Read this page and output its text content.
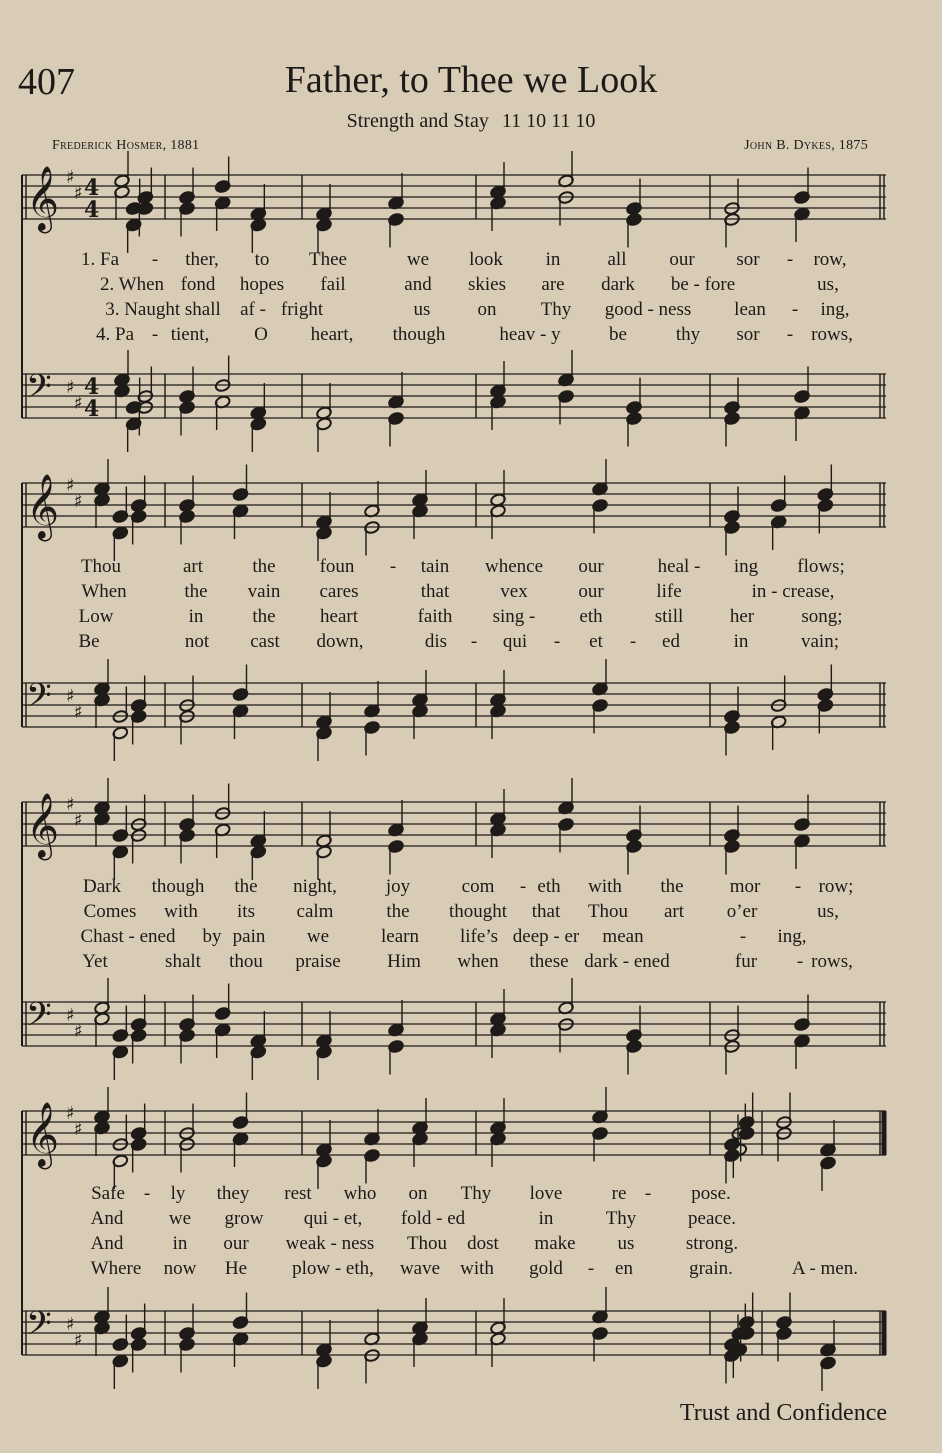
407	Father, to Thee we Look
Strength and Stay 11 10 11 10
Frederick Hosmer, 1881	John B. Dykes, 1875
𝄞 ♯
♯
𝄢 ♯
♯
4
4
4
4
𝄞 ♯
♯
𝄢 ♯
♯
𝄞 ♯
♯
𝄢 ♯
♯
𝄞 ♯
♯
𝄢 ♯
♯
1. Fa - ther, to Thee	we look in all our sor - row,
2. When fond hopes fail	and skies are dark be - fore	us,
3. Naught shall af - fright	us on Thy good - ness lean - ing,
4. Pa - tient, O heart, though	heav - y	be	thy sor - rows,
Thou	art	the foun - tain whence our	heal - ing flows;
When	the vain cares	that	vex	our	life	in - crease,
Low	in	the heart	faith sing - eth	still her song;
Be	not cast down,	dis - qui - et - ed	in	vain;
Dark though the night,	joy	com - eth with the mor - row;
Comes with its calm	the thought that Thou art o’er	us,
Chast - ened by pain we	learn life’s deep - er mean	- ing,
Yet	shalt thou praise Him when these dark - ened	fur - rows,
Safe - ly they rest who on Thy love	re - pose.
And we grow qui - et, fold - ed	in	Thy	peace.
And	in our weak - ness Thou dost make us	strong.
Where now He plow - eth, wave with gold - en	grain.	A - men.
Trust and Confidence
